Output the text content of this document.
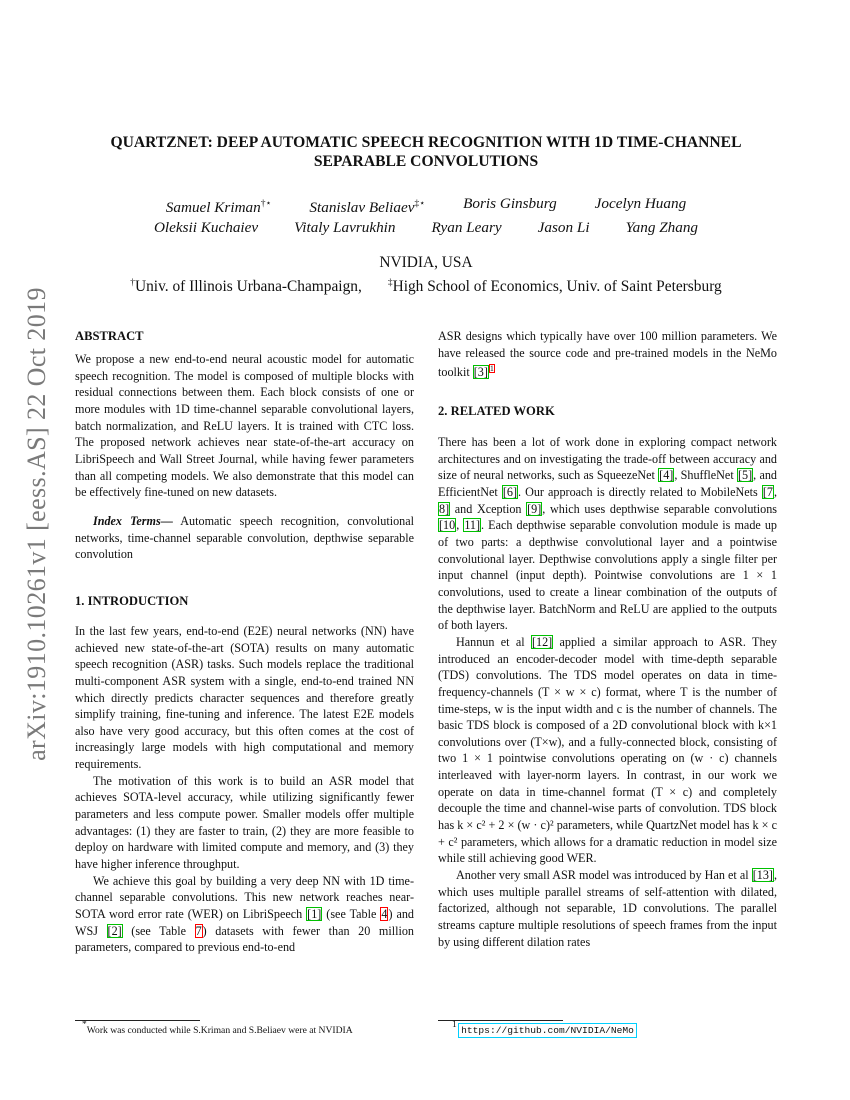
arXiv:1910.10261v1 [eess.AS] 22 Oct 2019
QUARTZNET: DEEP AUTOMATIC SPEECH RECOGNITION WITH 1D TIME-CHANNEL
SEPARABLE CONVOLUTIONS
Samuel Kriman†⋆	Stanislav Beliaev‡⋆	Boris Ginsburg	Jocelyn Huang
Oleksii Kuchaiev Vitaly Lavrukhin Ryan Leary Jason Li Yang Zhang
NVIDIA, USA
†Univ. of Illinois Urbana-Champaign,	‡High School of Economics, Univ. of Saint Petersburg

ABSTRACT

We propose a new end-to-end neural acoustic model for automatic speech recognition. The model is composed of multiple blocks with residual connections between them. Each block consists of one or more modules with 1D time-channel separable convolutional layers, batch normalization, and ReLU layers. It is trained with CTC loss. The proposed network achieves near state-of-the-art accuracy on LibriSpeech and Wall Street Journal, while having fewer parameters than all competing models. We also demonstrate that this model can be effectively fine-tuned on new datasets.

Index Terms— Automatic speech recognition, convolutional networks, time-channel separable convolution, depthwise separable convolution

1. INTRODUCTION

In the last few years, end-to-end (E2E) neural networks (NN) have achieved new state-of-the-art (SOTA) results on many automatic speech recognition (ASR) tasks. Such models replace the traditional multi-component ASR system with a single, end-to-end trained NN which directly predicts character sequences and therefore greatly simplify training, fine-tuning and inference. The latest E2E models also have very good accuracy, but this often comes at the cost of increasingly large models with high computational and memory requirements.

The motivation of this work is to build an ASR model that achieves SOTA-level accuracy, while utilizing significantly fewer parameters and less compute power. Smaller models offer multiple advantages: (1) they are faster to train, (2) they are more feasible to deploy on hardware with limited compute and memory, and (3) they have higher inference throughput.

We achieve this goal by building a very deep NN with 1D time-channel separable convolutions. This new network reaches near-SOTA word error rate (WER) on LibriSpeech [1] (see Table 4) and WSJ [2] (see Table 7) datasets with fewer than 20 million parameters, compared to previous end-to-end

*Work was conducted while S.Kriman and S.Beliaev were at NVIDIA

ASR designs which typically have over 100 million parameters. We have released the source code and pre-trained models in the NeMo toolkit [3] $^1$

2. RELATED WORK

There has been a lot of work done in exploring compact network architectures and on investigating the trade-off between accuracy and size of neural networks, such as SqueezeNet [4], ShuffleNet [5], and EfficientNet [6]. Our approach is directly related to MobileNets [7, 8] and Xception [9], which uses depthwise separable convolutions [10, 11]. Each depthwise separable convolution module is made up of two parts: a depthwise convolutional layer and a pointwise convolutional layer. Depthwise convolutions apply a single filter per input channel (input depth). Pointwise convolutions are 1 × 1 convolutions, used to create a linear combination of the outputs of the depthwise layer. BatchNorm and ReLU are applied to the outputs of both layers.

Hannun et al [12] applied a similar approach to ASR. They introduced an encoder-decoder model with time-depth separable (TDS) convolutions. The TDS model operates on data in time-frequency-channels (T × w × c) format, where T is the number of time-steps, w is the input width and c is the number of channels. The basic TDS block is composed of a 2D convolutional block with k×1 convolutions over (T×w), and a fully-connected block, consisting of two 1 × 1 pointwise convolutions operating on (w · c) channels interleaved with layer-norm layers. In contrast, in our work we operate on data in time-channel format (T × c) and completely decouple the time and channel-wise parts of convolution. TDS block has k × c² + 2 × (w · c)² parameters, while QuartzNet model has k × c + c² parameters, which allows for a dramatic reduction in model size while still achieving good WER.

Another very small ASR model was introduced by Han et al [13], which uses multiple parallel streams of self-attention with dilated, factorized, although not separable, 1D convolutions. The parallel streams capture multiple resolutions of speech frames from the input by using different dilation rates

$^1$ https://github.com/NVIDIA/NeMo
